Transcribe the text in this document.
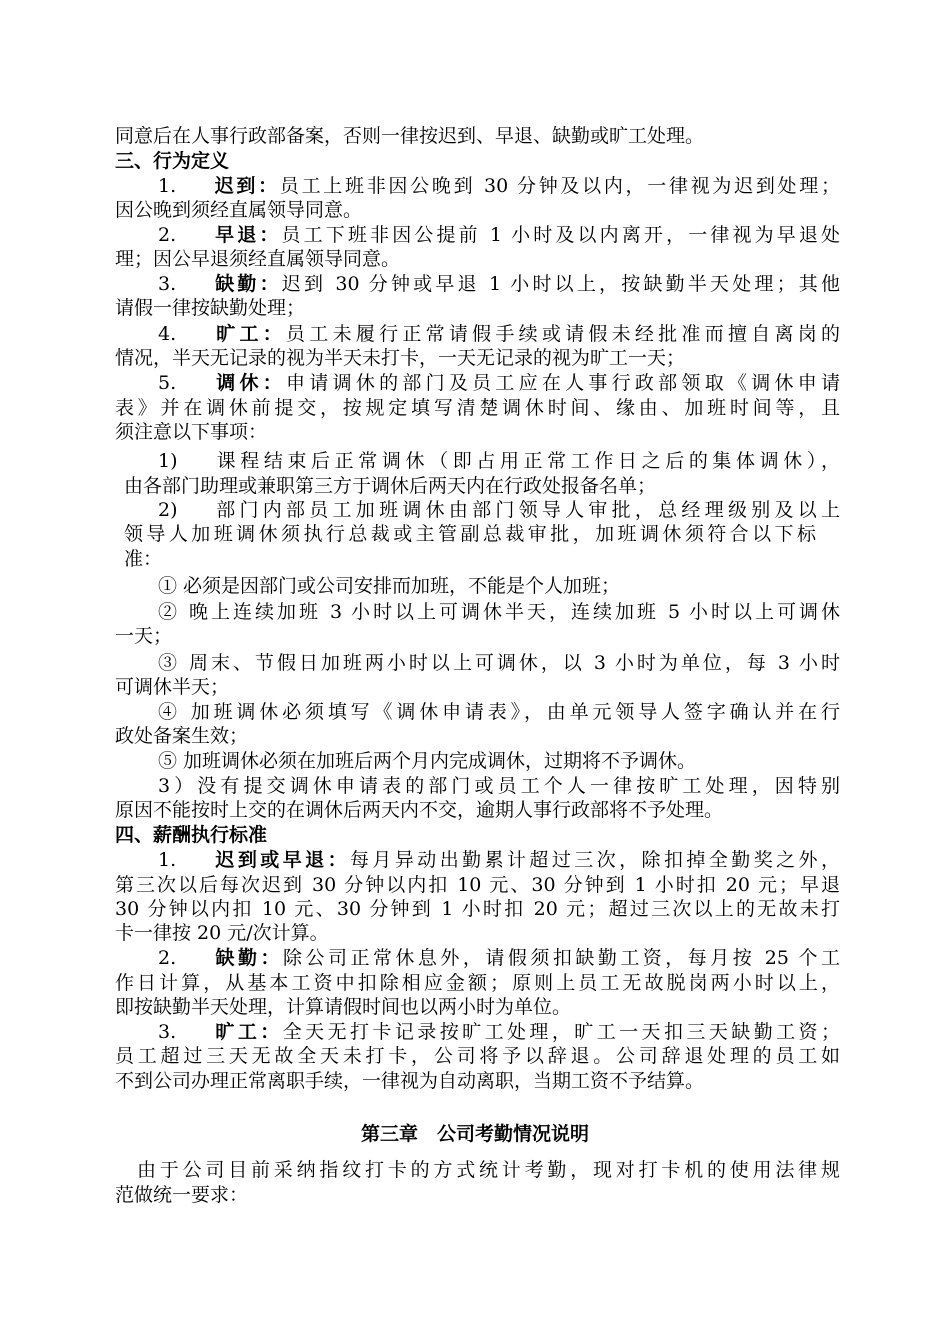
同意后在人事行政部备案，否则一律按迟到、早退、缺勤或旷工处理。
三、行为定义
1. 迟到：员工上班非因公晚到 30 分钟及以内，一律视为迟到处理；
因公晚到须经直属领导同意。
2. 早退：员工下班非因公提前 1 小时及以内离开，一律视为早退处
理；因公早退须经直属领导同意。
3. 缺勤：迟到 30 分钟或早退 1 小时以上，按缺勤半天处理；其他
请假一律按缺勤处理；
4. 旷工：员工未履行正常请假手续或请假未经批准而擅自离岗的
情况，半天无记录的视为半天未打卡，一天无记录的视为旷工一天；
5. 调休：申请调休的部门及员工应在人事行政部领取《调休申请
表》并在调休前提交，按规定填写清楚调休时间、缘由、加班时间等，且
须注意以下事项：
1) 课程结束后正常调休（即占用正常工作日之后的集体调休），
由各部门助理或兼职第三方于调休后两天内在行政处报备名单；
2) 部门内部员工加班调休由部门领导人审批，总经理级别及以上
领导人加班调休须执行总裁或主管副总裁审批，加班调休须符合以下标
准：
① 必须是因部门或公司安排而加班，不能是个人加班；
② 晚上连续加班 3 小时以上可调休半天，连续加班 5 小时以上可调休
一天；
③ 周末、节假日加班两小时以上可调休，以 3 小时为单位，每 3 小时
可调休半天；
④ 加班调休必须填写《调休申请表》，由单元领导人签字确认并在行
政处备案生效；
⑤ 加班调休必须在加班后两个月内完成调休，过期将不予调休。
3）没有提交调休申请表的部门或员工个人一律按旷工处理，因特别
原因不能按时上交的在调休后两天内不交，逾期人事行政部将不予处理。
四、薪酬执行标准
1. 迟到或早退：每月异动出勤累计超过三次，除扣掉全勤奖之外，
第三次以后每次迟到 30 分钟以内扣 10 元、30 分钟到 1 小时扣 20 元；早退
30 分钟以内扣 10 元、30 分钟到 1 小时扣 20 元；超过三次以上的无故未打
卡一律按 20 元/次计算。
2. 缺勤：除公司正常休息外，请假须扣缺勤工资，每月按 25 个工
作日计算，从基本工资中扣除相应金额；原则上员工无故脱岗两小时以上，
即按缺勤半天处理，计算请假时间也以两小时为单位。
3. 旷工：全天无打卡记录按旷工处理，旷工一天扣三天缺勤工资；
员工超过三天无故全天未打卡，公司将予以辞退。公司辞退处理的员工如
不到公司办理正常离职手续，一律视为自动离职，当期工资不予结算。
第三章　公司考勤情况说明
由于公司目前采纳指纹打卡的方式统计考勤，现对打卡机的使用法律规
范做统一要求：
